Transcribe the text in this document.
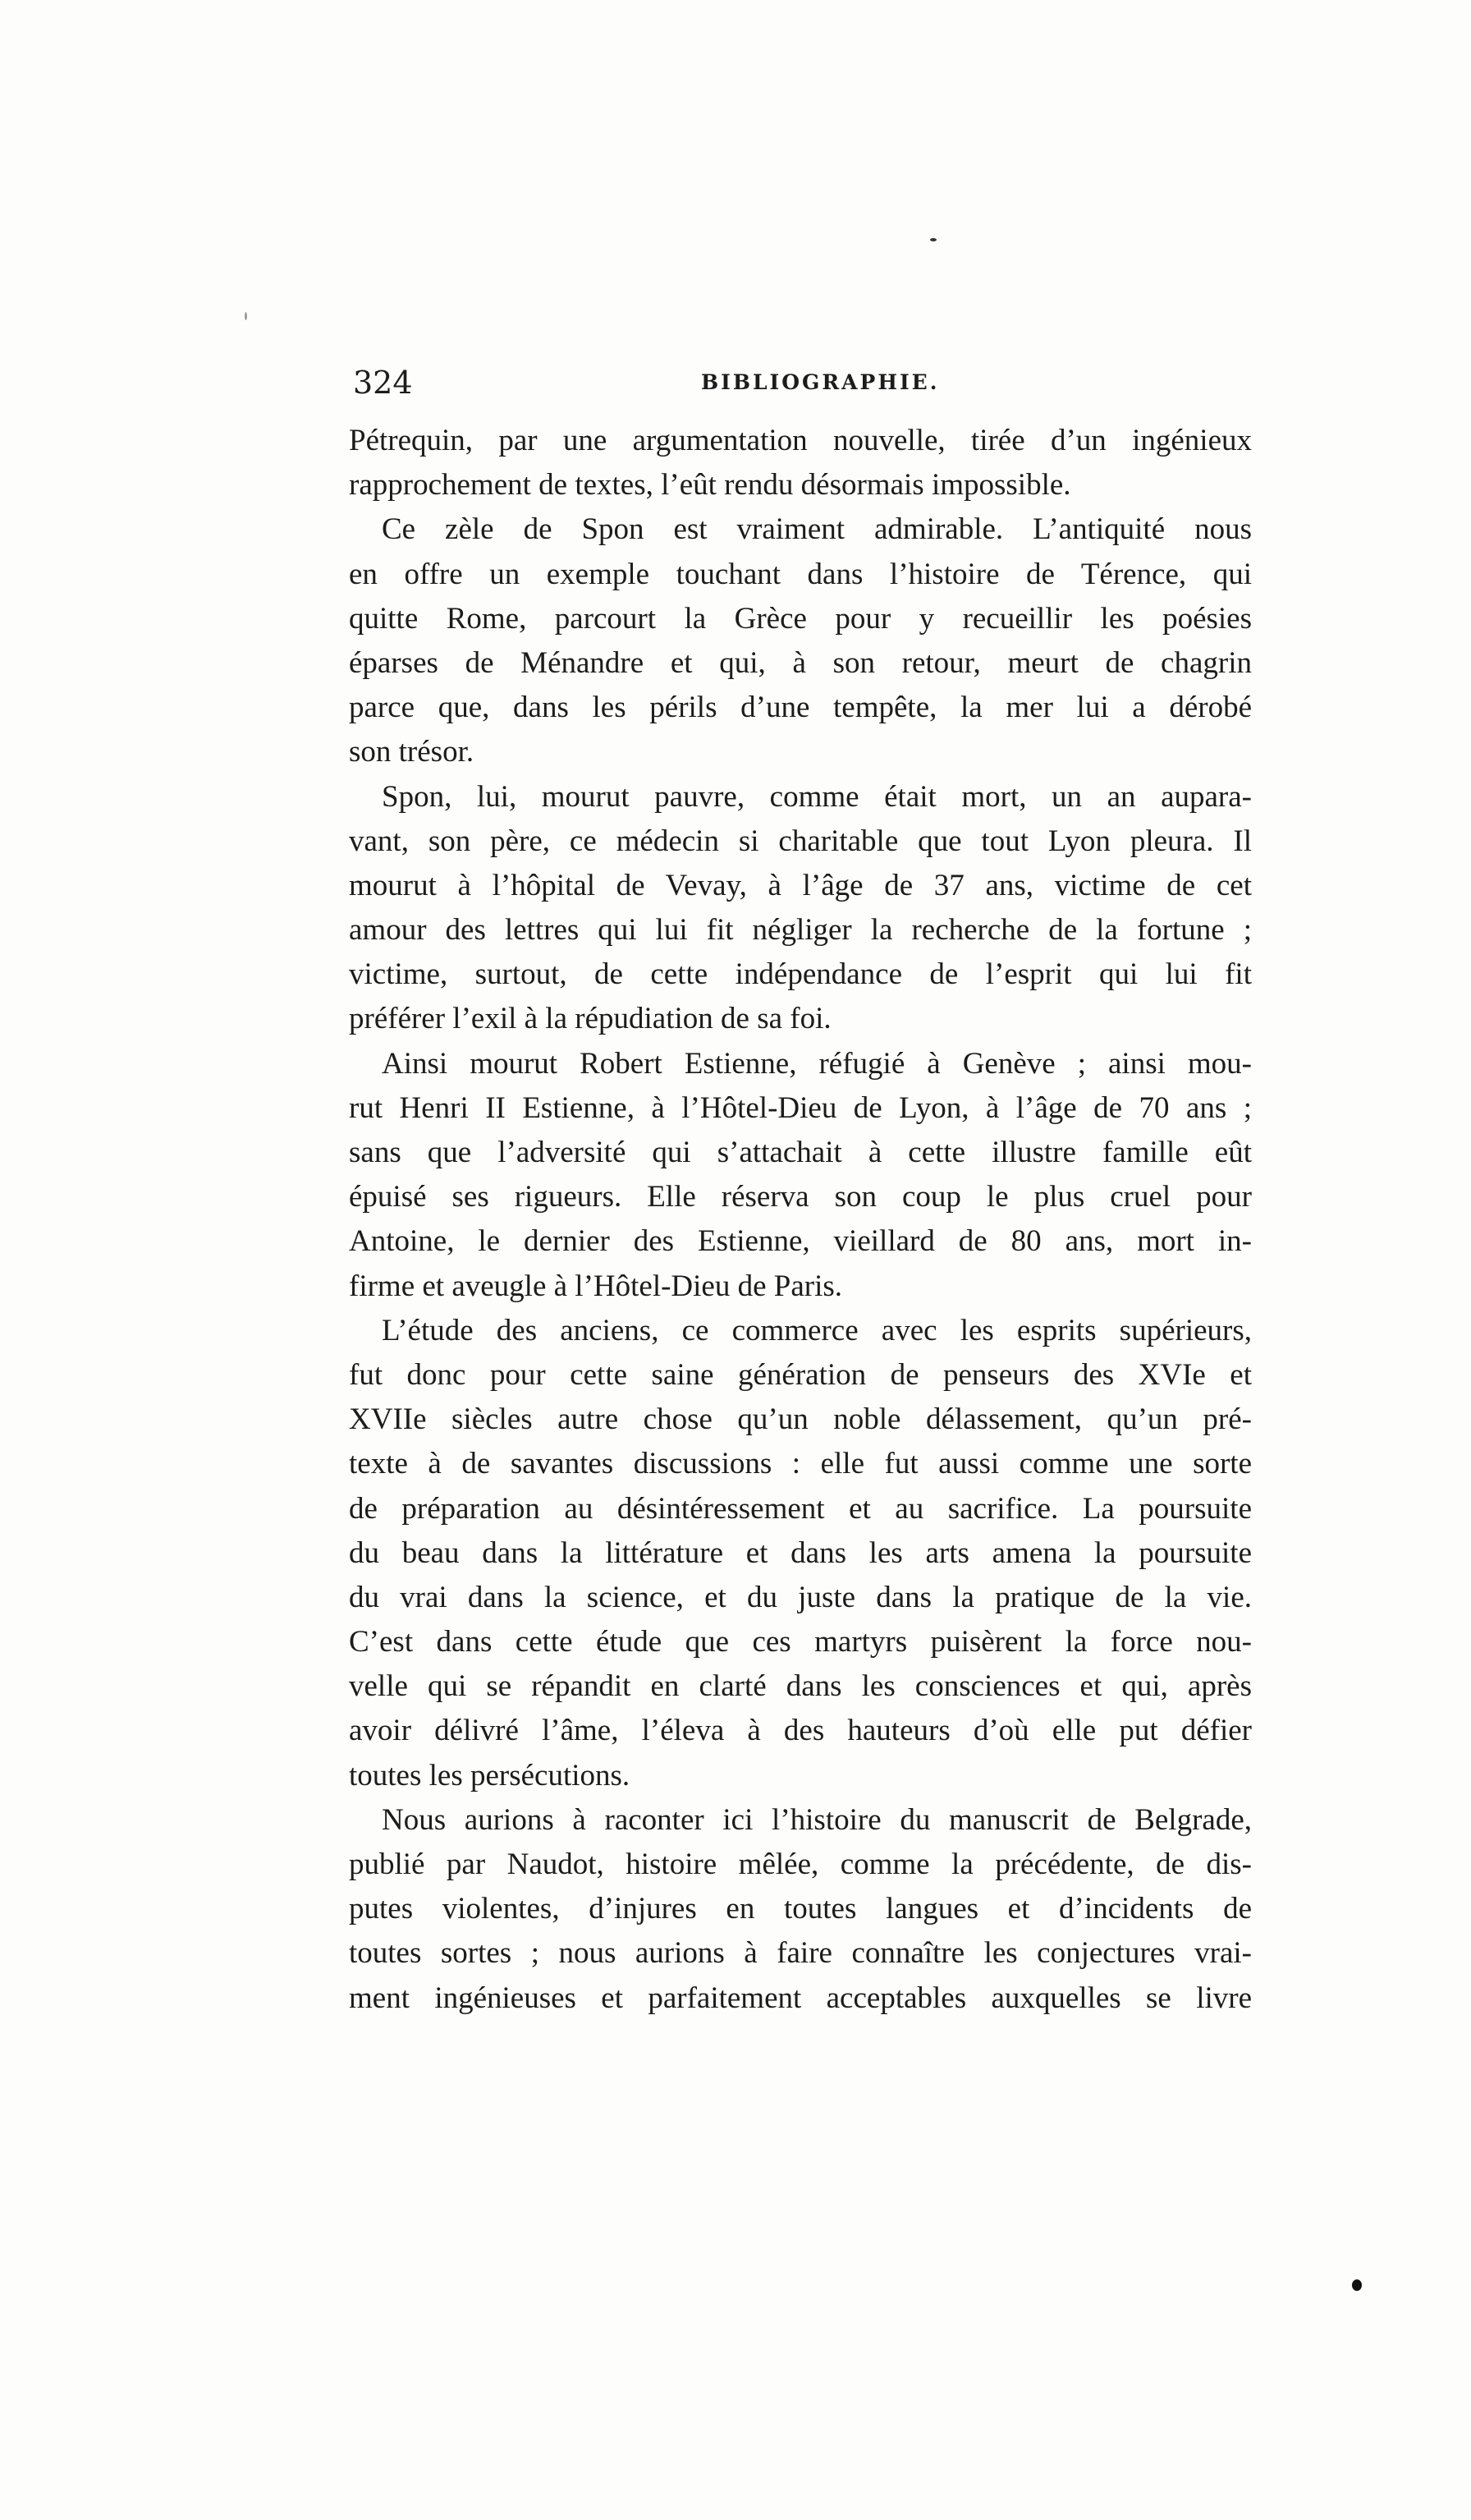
324	BIBLIOGRAPHIE.
Pétrequin, par une argumentation nouvelle, tirée d’un ingénieux
rapprochement de textes, l’eût rendu désormais impossible.
Ce zèle de Spon est vraiment admirable. L’antiquité nous
en offre un exemple touchant dans l’histoire de Térence, qui
quitte Rome, parcourt la Grèce pour y recueillir les poésies
éparses de Ménandre et qui, à son retour, meurt de chagrin
parce que, dans les périls d’une tempête, la mer lui a dérobé
son trésor.
Spon, lui, mourut pauvre, comme était mort, un an aupara-
vant, son père, ce médecin si charitable que tout Lyon pleura. Il
mourut à l’hôpital de Vevay, à l’âge de 37 ans, victime de cet
amour des lettres qui lui fit négliger la recherche de la fortune ;
victime, surtout, de cette indépendance de l’esprit qui lui fit
préférer l’exil à la répudiation de sa foi.
Ainsi mourut Robert Estienne, réfugié à Genève ; ainsi mou-
rut Henri II Estienne, à l’Hôtel-Dieu de Lyon, à l’âge de 70 ans ;
sans que l’adversité qui s’attachait à cette illustre famille eût
épuisé ses rigueurs. Elle réserva son coup le plus cruel pour
Antoine, le dernier des Estienne, vieillard de 80 ans, mort in-
firme et aveugle à l’Hôtel-Dieu de Paris.
L’étude des anciens, ce commerce avec les esprits supérieurs,
fut donc pour cette saine génération de penseurs des XVIe et
XVIIe siècles autre chose qu’un noble délassement, qu’un pré-
texte à de savantes discussions : elle fut aussi comme une sorte
de préparation au désintéressement et au sacrifice. La poursuite
du beau dans la littérature et dans les arts amena la poursuite
du vrai dans la science, et du juste dans la pratique de la vie.
C’est dans cette étude que ces martyrs puisèrent la force nou-
velle qui se répandit en clarté dans les consciences et qui, après
avoir délivré l’âme, l’éleva à des hauteurs d’où elle put défier
toutes les persécutions.
Nous aurions à raconter ici l’histoire du manuscrit de Belgrade,
publié par Naudot, histoire mêlée, comme la précédente, de dis-
putes violentes, d’injures en toutes langues et d’incidents de
toutes sortes ; nous aurions à faire connaître les conjectures vrai-
ment ingénieuses et parfaitement acceptables auxquelles se livre
